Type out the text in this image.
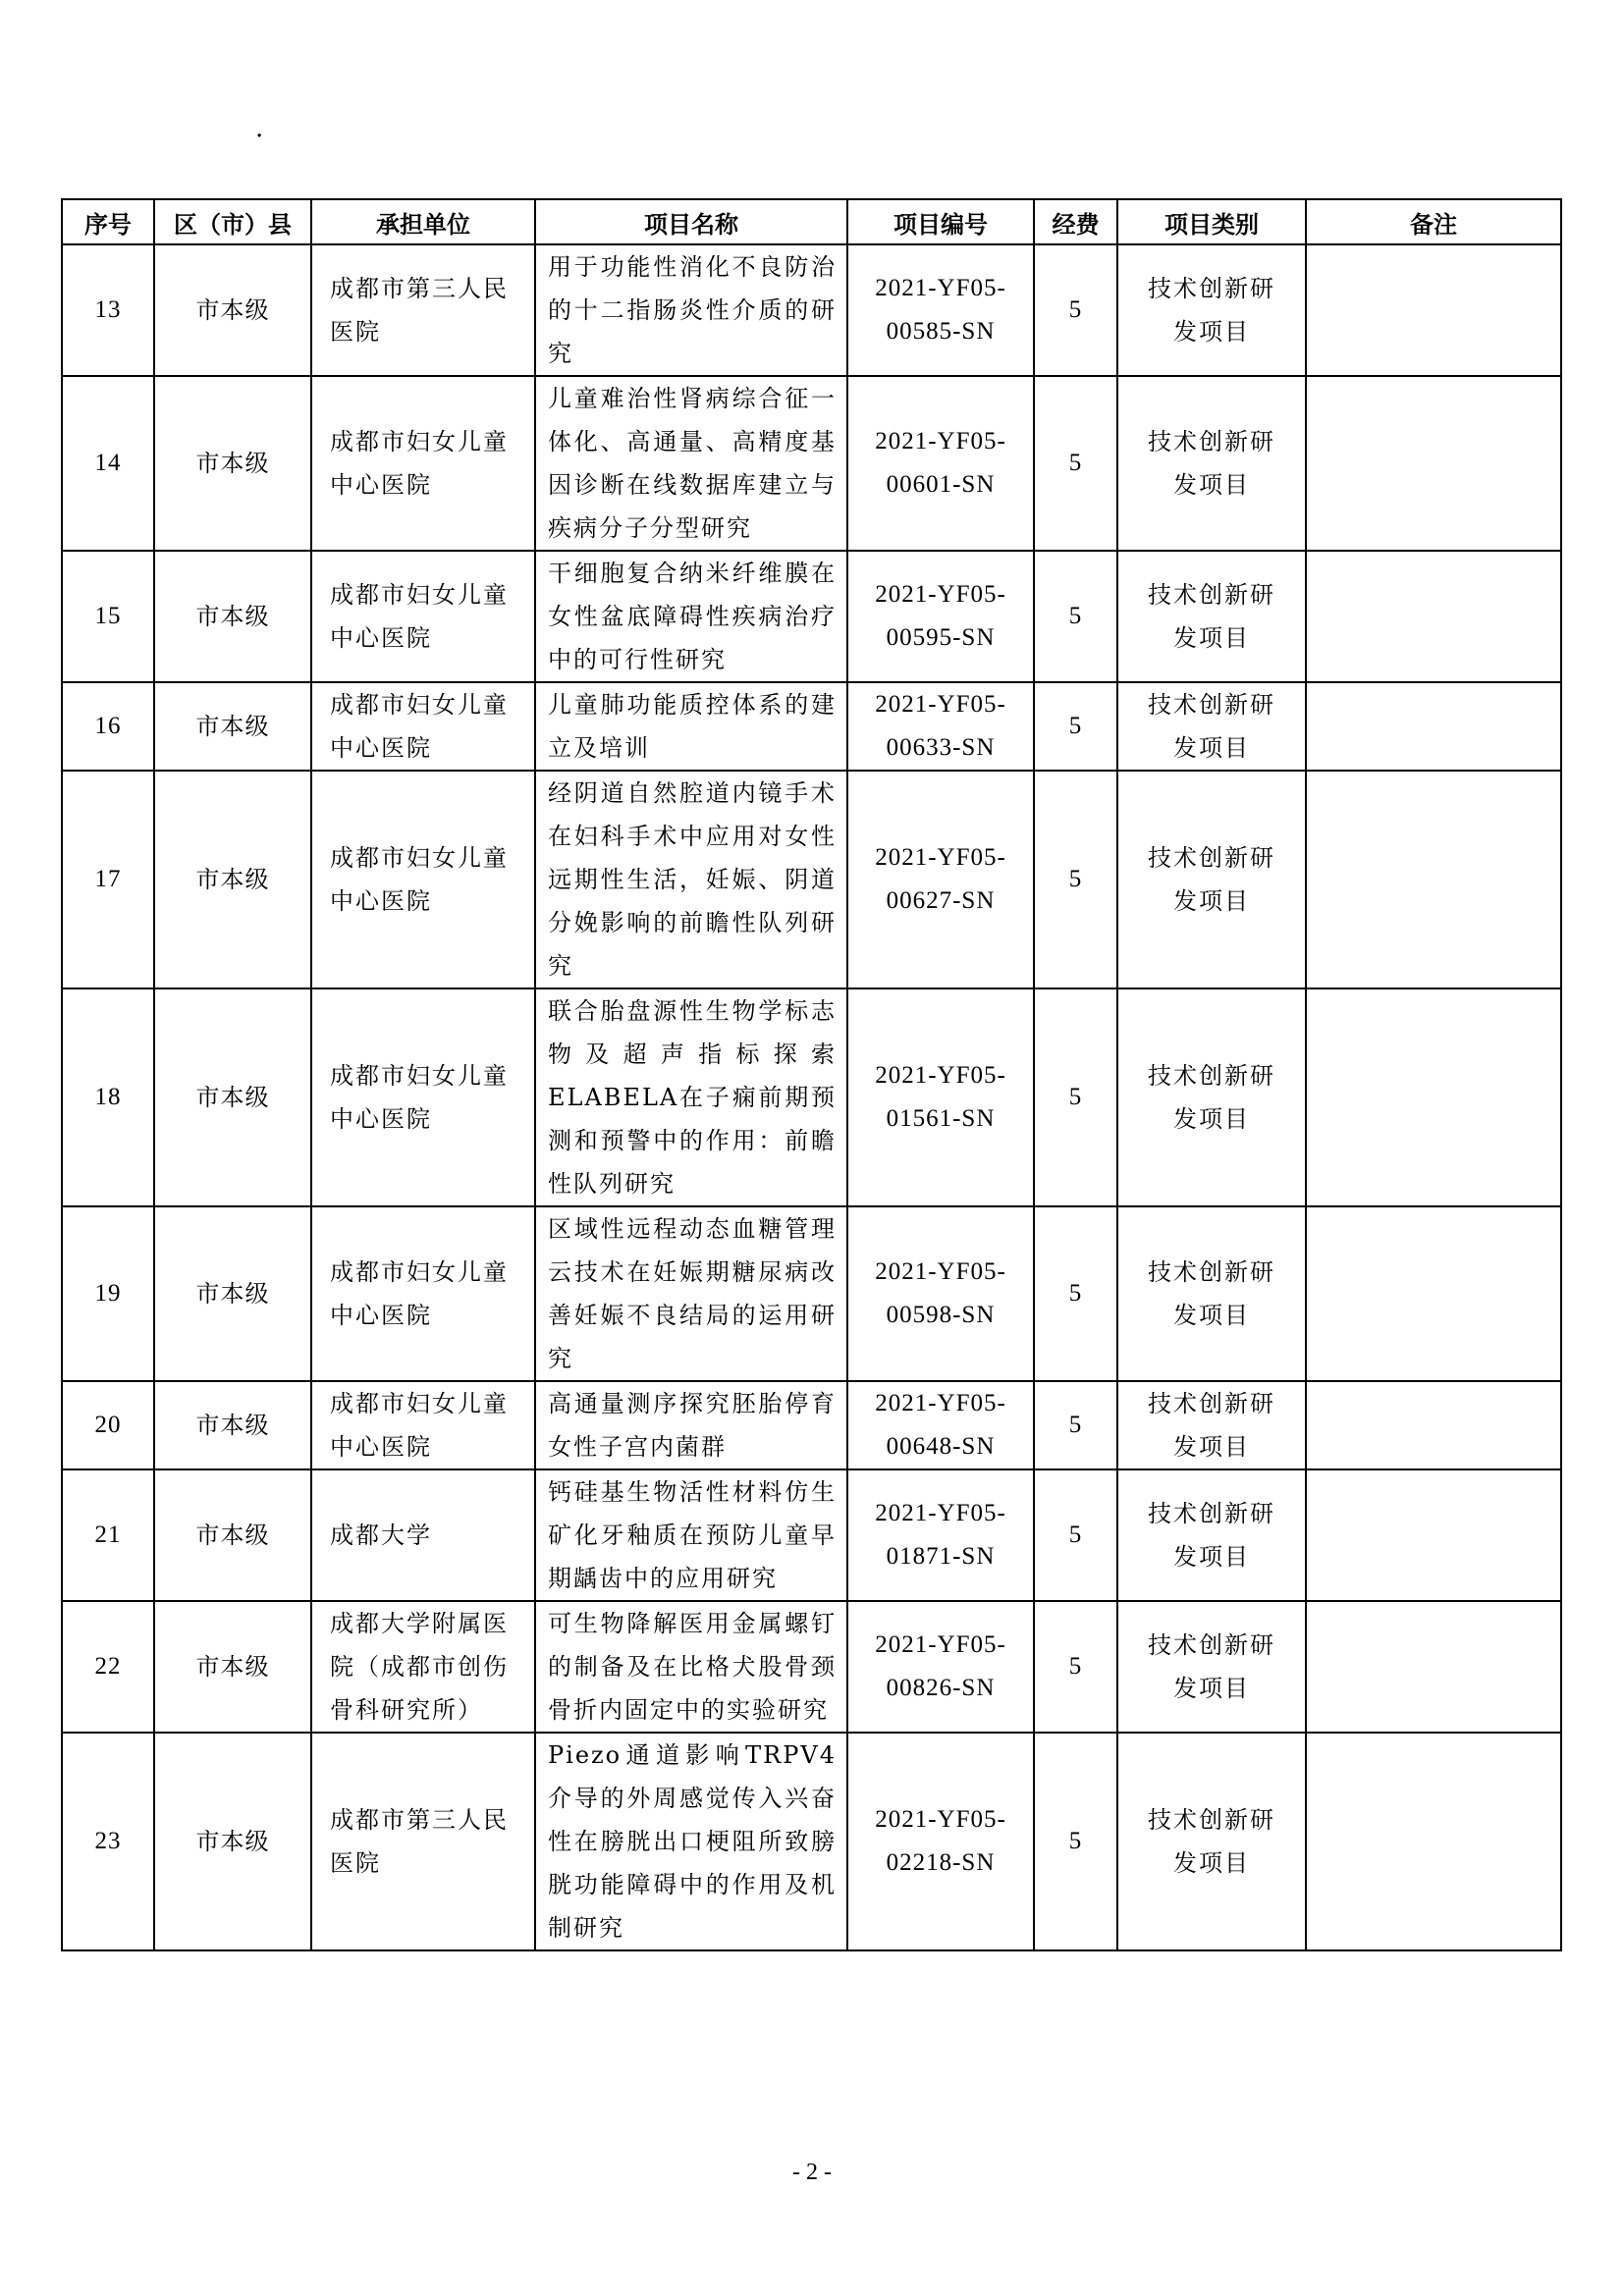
.
序号	区（市）县	承担单位	项目名称	项目编号	经费	项目类别	备注

13	市本级	成都市第三人民医院	用于功能性消化不良防治的十二指肠炎性介质的研究	2021-YF05-00585-SN	5	技术创新研发项目	

14	市本级	成都市妇女儿童中心医院	儿童难治性肾病综合征一体化、高通量、高精度基因诊断在线数据库建立与疾病分子分型研究	2021-YF05-00601-SN	5	技术创新研发项目	

15	市本级	成都市妇女儿童中心医院	干细胞复合纳米纤维膜在女性盆底障碍性疾病治疗中的可行性研究	2021-YF05-00595-SN	5	技术创新研发项目	

16	市本级	成都市妇女儿童中心医院	儿童肺功能质控体系的建立及培训	2021-YF05-00633-SN	5	技术创新研发项目	

17	市本级	成都市妇女儿童中心医院	经阴道自然腔道内镜手术在妇科手术中应用对女性远期性生活，妊娠、阴道分娩影响的前瞻性队列研究	2021-YF05-00627-SN	5	技术创新研发项目	

18	市本级	成都市妇女儿童中心医院	联合胎盘源性生物学标志物及超声指标探索ELABELA在子痫前期预测和预警中的作用：前瞻性队列研究	2021-YF05-01561-SN	5	技术创新研发项目	

19	市本级	成都市妇女儿童中心医院	区域性远程动态血糖管理云技术在妊娠期糖尿病改善妊娠不良结局的运用研究	2021-YF05-00598-SN	5	技术创新研发项目	

20	市本级	成都市妇女儿童中心医院	高通量测序探究胚胎停育女性子宫内菌群	2021-YF05-00648-SN	5	技术创新研发项目	

21	市本级	成都大学	钙硅基生物活性材料仿生矿化牙釉质在预防儿童早期龋齿中的应用研究	2021-YF05-01871-SN	5	技术创新研发项目	

22	市本级	成都大学附属医院（成都市创伤骨科研究所）	可生物降解医用金属螺钉的制备及在比格犬股骨颈骨折内固定中的实验研究	2021-YF05-00826-SN	5	技术创新研发项目	

23	市本级	成都市第三人民医院	Piezo通道影响TRPV4介导的外周感觉传入兴奋性在膀胱出口梗阻所致膀胱功能障碍中的作用及机制研究	2021-YF05-02218-SN	5	技术创新研发项目	

- 2 -
